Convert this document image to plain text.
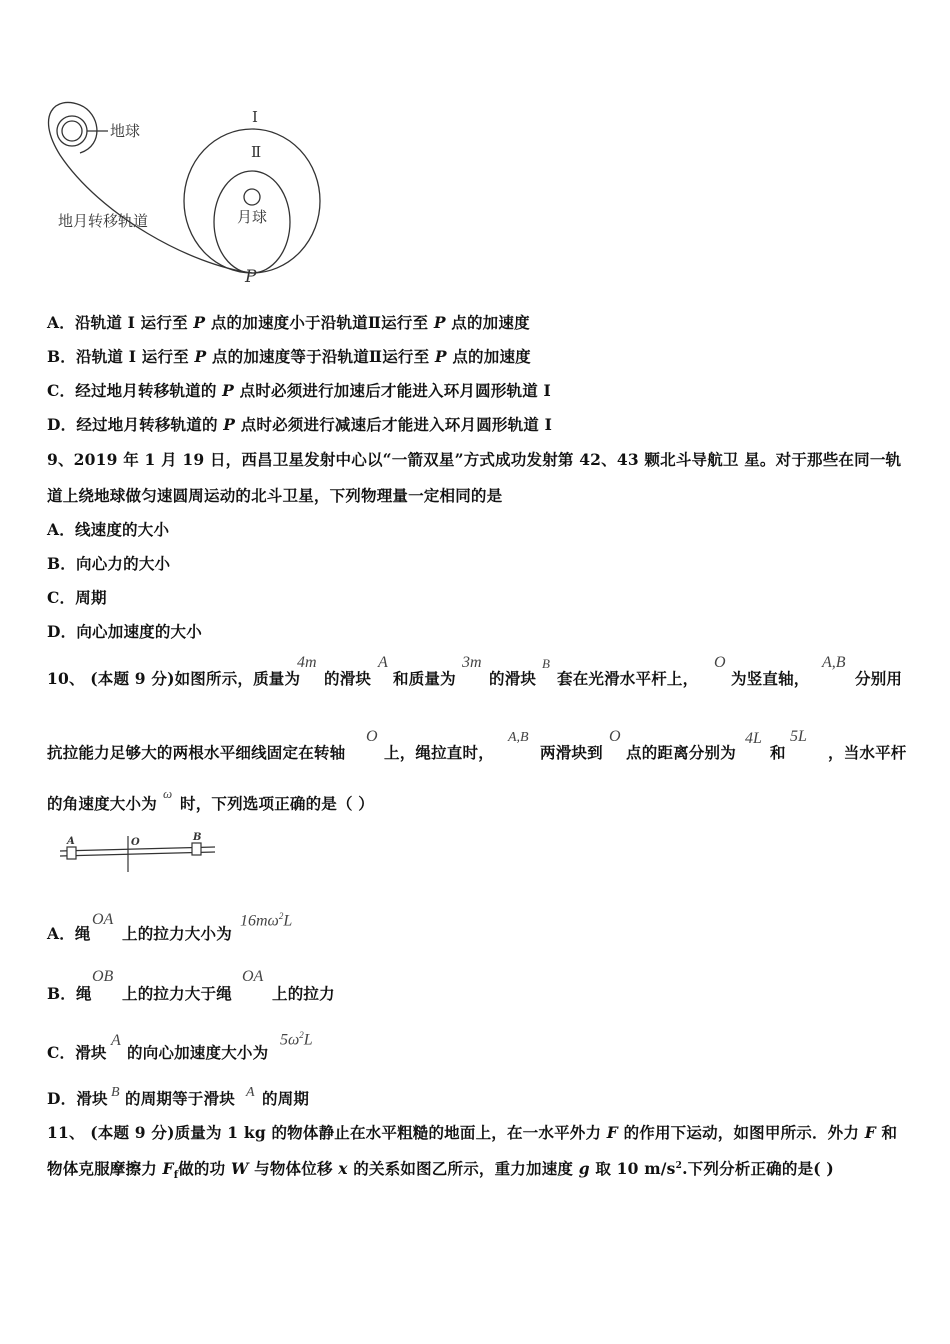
地球
地月转移轨道	月球
Ⅰ
Ⅱ
P
A．沿轨道 I 运行至 P 点的加速度小于沿轨道Ⅱ运行至 P 点的加速度
B．沿轨道 I 运行至 P 点的加速度等于沿轨道Ⅱ运行至 P 点的加速度
C．经过地月转移轨道的 P 点时必须进行加速后才能进入环月圆形轨道 I
D．经过地月转移轨道的 P 点时必须进行减速后才能进入环月圆形轨道 I
9、2019 年 1 月 19 日，西昌卫星发射中心以“一箭双星”方式成功发射第 42、43 颗北斗导航卫 星。对于那些在同一轨
道上绕地球做匀速圆周运动的北斗卫星，下列物理量一定相同的是
A．线速度的大小
B．向心力的大小
C．周期
D．向心加速度的大小
10、 (本题 9 分)如图所示，质量为
4m
的滑块
A
和质量为
3m
的滑块
B
套在光滑水平杆上，
O
为竖直轴，
A,B
分别用
抗拉能力足够大的两根水平细线固定在转轴
O
上，绳拉直时，
A,B
两滑块到
O
点的距离分别为
4L
和
5L
，当水平杆
的角速度大小为
ω
时，下列选项正确的是（ ）
A	O	B
A．绳
OA
上的拉力大小为
$16m\omega^2L$
B．绳
OB
上的拉力大于绳
OA
上的拉力
C．滑块
A
的向心加速度大小为
$5\omega^2L$
D．滑块 B 的周期等于滑块 A 的周期
11、 (本题 9 分)质量为 1 kg 的物体静止在水平粗糙的地面上，在一水平外力 F 的作用下运动，如图甲所示．外力 F 和
物体克服摩擦力 $F_f$做的功 W 与物体位移 x 的关系如图乙所示，重力加速度 g 取 10 $m/s^2$.下列分析正确的是( )
